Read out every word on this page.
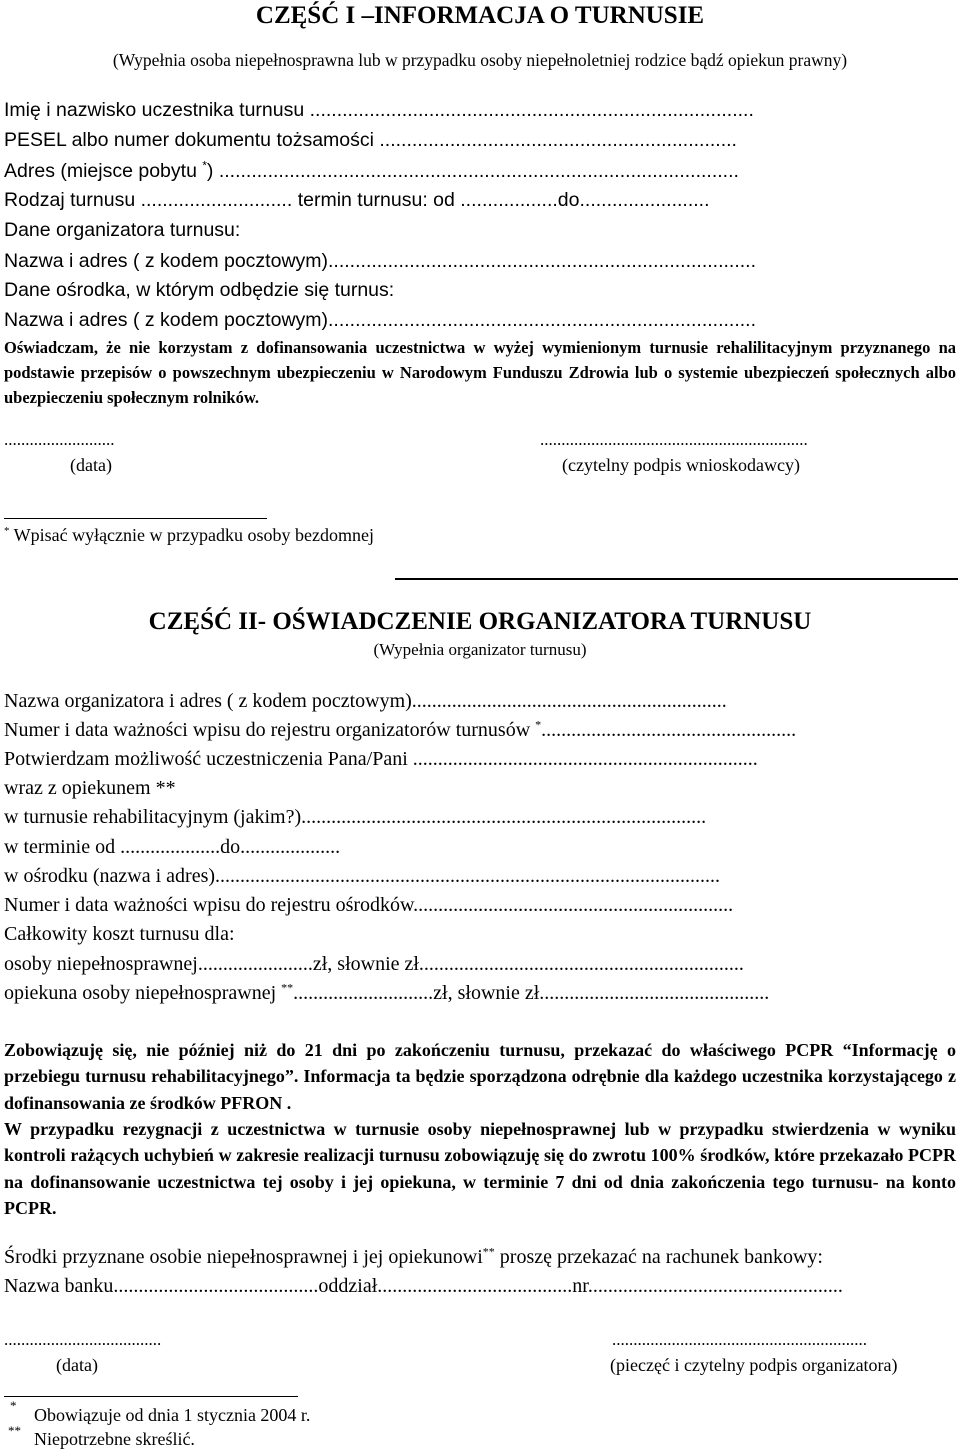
CZĘŚĆ I –INFORMACJA O TURNUSIE
(Wypełnia osoba niepełnosprawna lub w przypadku osoby niepełnoletniej rodzice bądź opiekun prawny)
Imię i nazwisko uczestnika turnusu ..................................................................................
PESEL albo numer dokumentu tożsamości ..................................................................
Adres (miejsce pobytu *) ................................................................................................
Rodzaj turnusu ............................ termin turnusu: od ..................do........................
Dane organizatora turnusu:
Nazwa i adres ( z kodem pocztowym)...............................................................................
Dane ośrodka, w którym odbędzie się turnus:
Nazwa i adres ( z kodem pocztowym)...............................................................................
Oświadczam, że nie korzystam z dofinansowania uczestnictwa w wyżej wymienionym turnusie rehalilitacyjnym przyznanego na podstawie przepisów o powszechnym ubezpieczeniu w Narodowym Funduszu Zdrowia lub o systemie ubezpieczeń społecznych albo ubezpieczeniu społecznym rolników.
..........................	...............................................................
(data)	(czytelny podpis wnioskodawcy)
* Wpisać wyłącznie w przypadku osoby bezdomnej
CZĘŚĆ II- OŚWIADCZENIE ORGANIZATORA TURNUSU
(Wypełnia organizator turnusu)
Nazwa organizatora i adres ( z kodem pocztowym)...............................................................
Numer i data ważności wpisu do rejestru organizatorów turnusów *...................................................
Potwierdzam możliwość uczestniczenia Pana/Pani .....................................................................
wraz z opiekunem **
w turnusie rehabilitacyjnym (jakim?).................................................................................
w terminie od ....................do....................
w ośrodku (nazwa i adres).....................................................................................................
Numer i data ważności wpisu do rejestru ośrodków................................................................
Całkowity koszt turnusu dla:
osoby niepełnosprawnej.......................zł, słownie zł.................................................................
opiekuna osoby niepełnosprawnej **............................zł, słownie zł..............................................
Zobowiązuję się, nie później niż do 21 dni po zakończeniu turnusu, przekazać do właściwego PCPR “Informację o przebiegu turnusu rehabilitacyjnego”. Informacja ta będzie sporządzona odrębnie dla każdego uczestnika korzystającego z dofinansowania ze środków PFRON .
W przypadku rezygnacji z uczestnictwa w turnusie osoby niepełnosprawnej lub w przypadku stwierdzenia w wyniku kontroli rażących uchybień w zakresie realizacji turnusu zobowiązuję się do zwrotu 100% środków, które przekazało PCPR na dofinansowanie uczestnictwa tej osoby i jej opiekuna, w terminie 7 dni od dnia zakończenia tego turnusu- na konto PCPR.
Środki przyznane osobie niepełnosprawnej i jej opiekunowi** proszę przekazać na rachunek bankowy:
Nazwa banku.........................................oddział.......................................nr...................................................
.....................................	............................................................
(data)	(pieczęć i czytelny podpis organizatora)
* Obowiązuje od dnia 1 stycznia 2004 r.
** Niepotrzebne skreślić.
